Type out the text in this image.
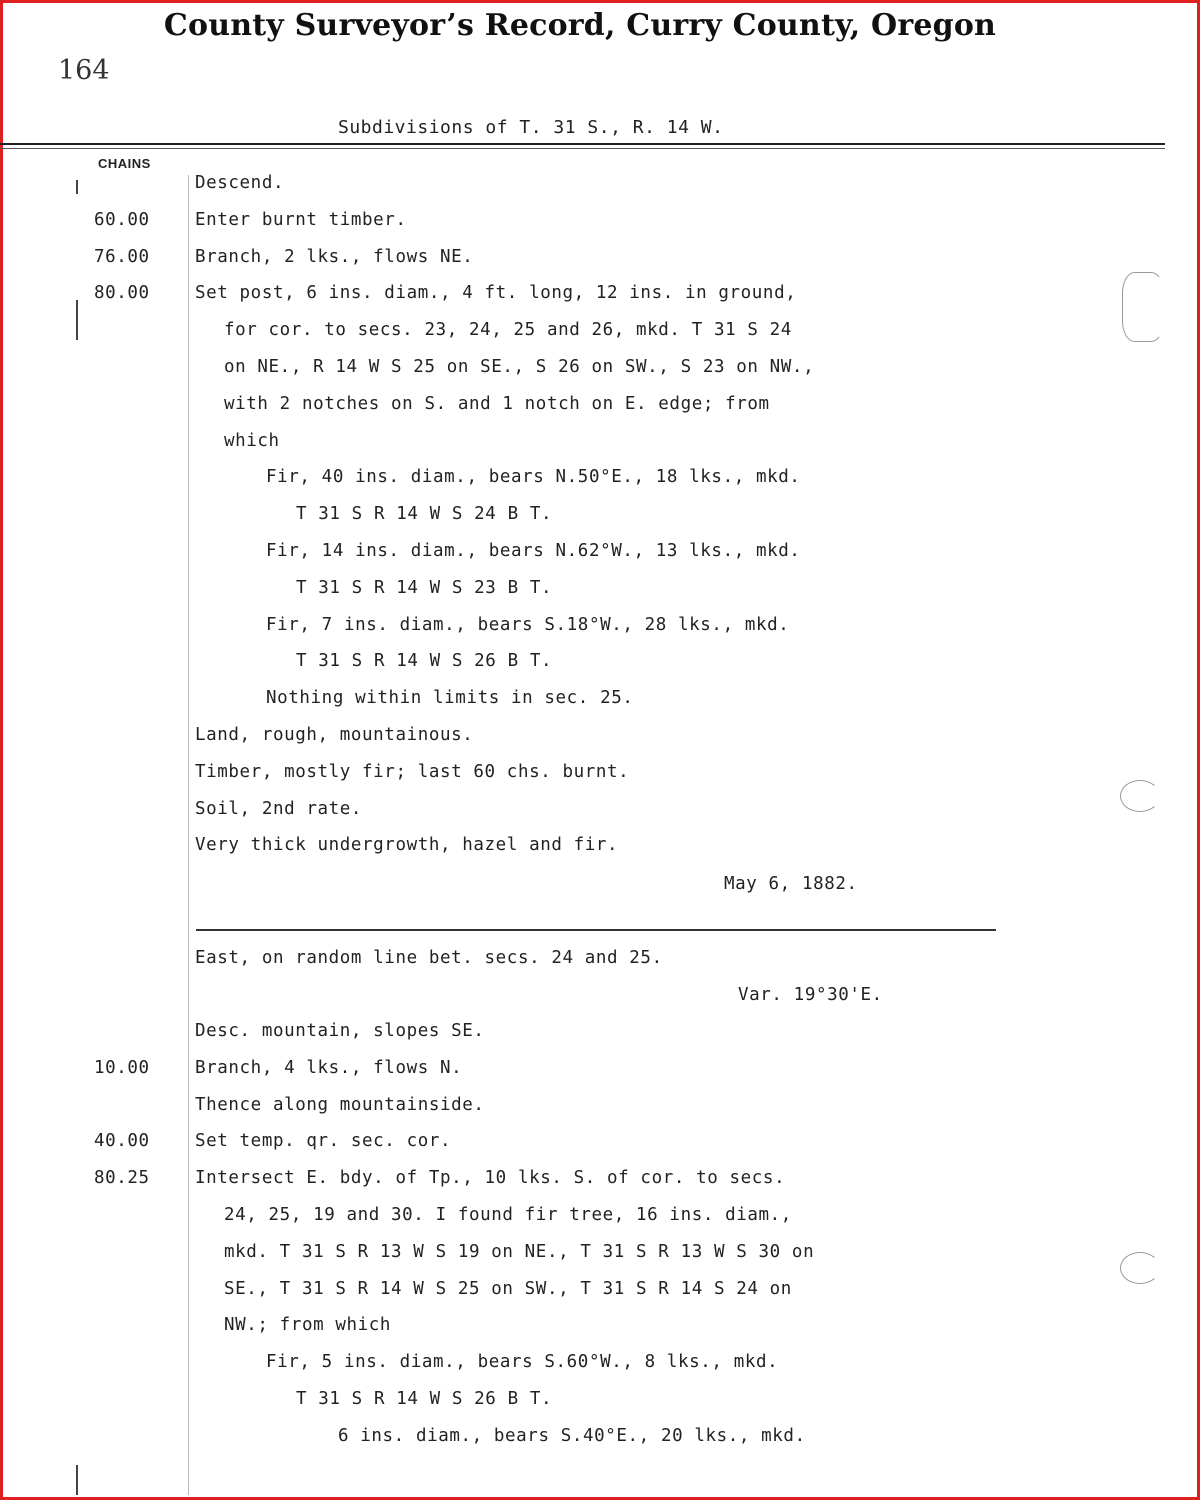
County Surveyor’s Record, Curry County, Oregon
164
Subdivisions of T. 31 S., R. 14 W.
CHAINS
Descend.
60.00	Enter burnt timber.
76.00	Branch, 2 lks., flows NE.
80.00	Set post, 6 ins. diam., 4 ft. long, 12 ins. in ground,
for cor. to secs. 23, 24, 25 and 26, mkd. T 31 S 24
on NE., R 14 W S 25 on SE., S 26 on SW., S 23 on NW.,
with 2 notches on S. and 1 notch on E. edge; from
which
Fir, 40 ins. diam., bears N.50°E., 18 lks., mkd.
T 31 S R 14 W S 24 B T.
Fir, 14 ins. diam., bears N.62°W., 13 lks., mkd.
T 31 S R 14 W S 23 B T.
Fir, 7 ins. diam., bears S.18°W., 28 lks., mkd.
T 31 S R 14 W S 26 B T.
Nothing within limits in sec. 25.
Land, rough, mountainous.
Timber, mostly fir; last 60 chs. burnt.
Soil, 2nd rate.
Very thick undergrowth, hazel and fir.
May 6, 1882.
East, on random line bet. secs. 24 and 25.
Var. 19°30'E.
Desc. mountain, slopes SE.
10.00	Branch, 4 lks., flows N.
Thence along mountainside.
40.00	Set temp. qr. sec. cor.
80.25	Intersect E. bdy. of Tp., 10 lks. S. of cor. to secs.
24, 25, 19 and 30. I found fir tree, 16 ins. diam.,
mkd. T 31 S R 13 W S 19 on NE., T 31 S R 13 W S 30 on
SE., T 31 S R 14 W S 25 on SW., T 31 S R 14 S 24 on
NW.; from which
Fir, 5 ins. diam., bears S.60°W., 8 lks., mkd.
T 31 S R 14 W S 26 B T.
6 ins. diam., bears S.40°E., 20 lks., mkd.
